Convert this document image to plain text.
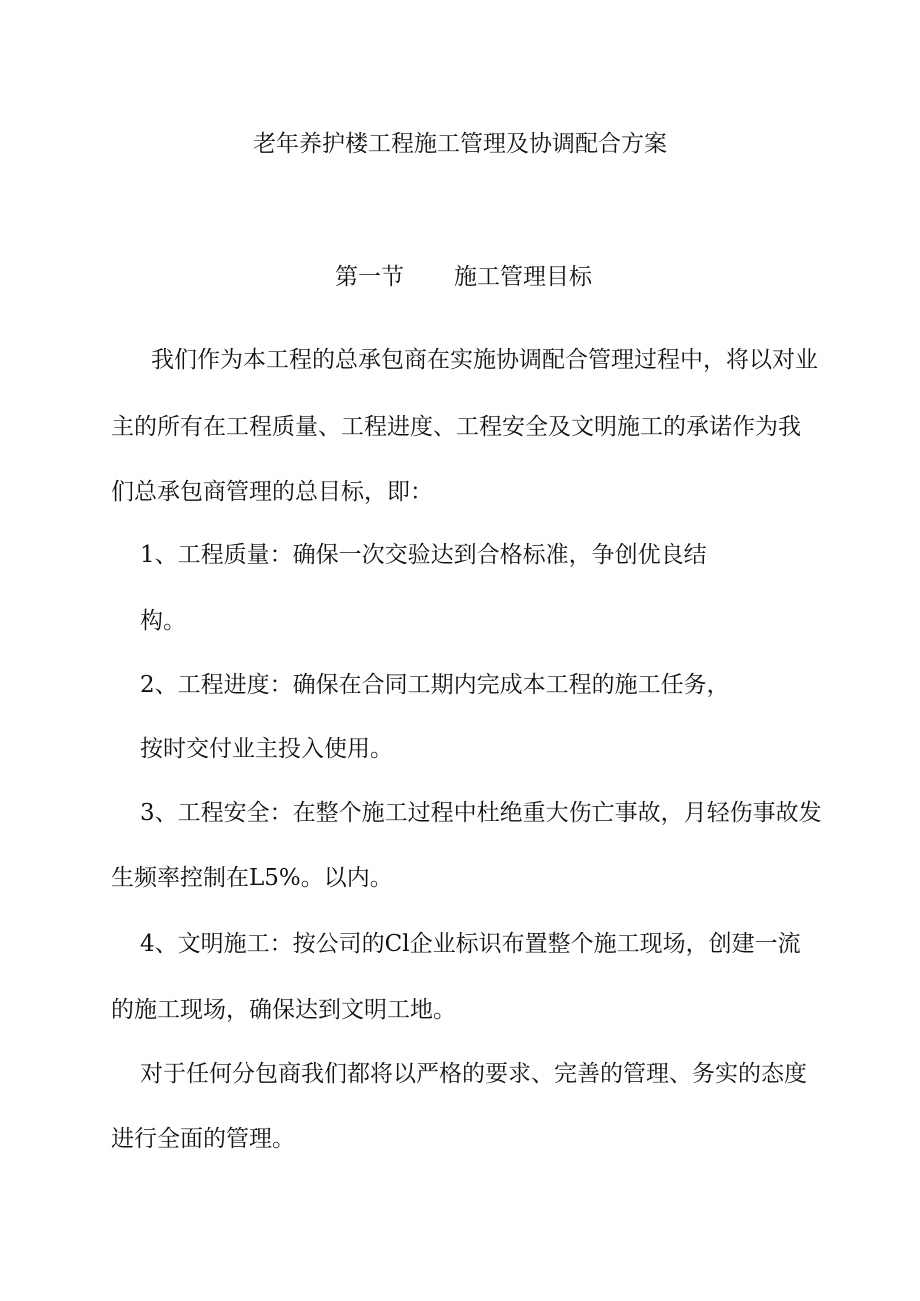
老年养护楼工程施工管理及协调配合方案
第一节 施工管理目标
我们作为本工程的总承包商在实施协调配合管理过程中，将以对业
主的所有在工程质量、工程进度、工程安全及文明施工的承诺作为我
们总承包商管理的总目标，即：
1、工程质量：确保一次交验达到合格标准，争创优良结
构。
2、工程进度：确保在合同工期内完成本工程的施工任务，
按时交付业主投入使用。
3、工程安全：在整个施工过程中杜绝重大伤亡事故，月轻伤事故发
生频率控制在L5%。以内。
4、文明施工：按公司的Cl企业标识布置整个施工现场，创建一流
的施工现场，确保达到文明工地。
对于任何分包商我们都将以严格的要求、完善的管理、务实的态度
进行全面的管理。
